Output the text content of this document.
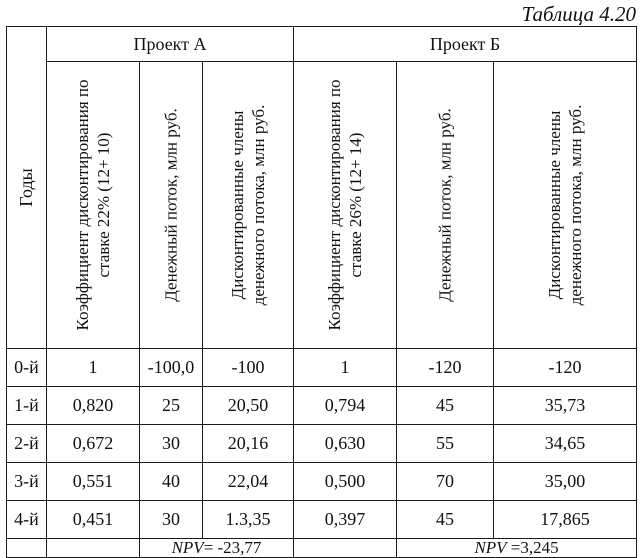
Таблица 4.20
Годы	Проект А			Проект Б		

	Коэффициент дисконтирования по ставке 22% (12+ 10)	Денежный поток, млн руб.	Дисконтированные члены денежного потока, млн руб.	Коэффициент дисконтирования по ставке 26% (12+ 14)	Денежный поток, млн руб.	Дисконтированные члены денежного потока, млн руб.

0-й	1	-100,0	-100	1	-120	-120
1-й	0,820	25	20,50	0,794	45	35,73
2-й	0,672	30	20,16	0,630	55	34,65
3-й	0,551	40	22,04	0,500	70	35,00
4-й	0,451	30	1.3,35	0,397	45	17,865
		NPV= -23,77			NPV =3,245	
